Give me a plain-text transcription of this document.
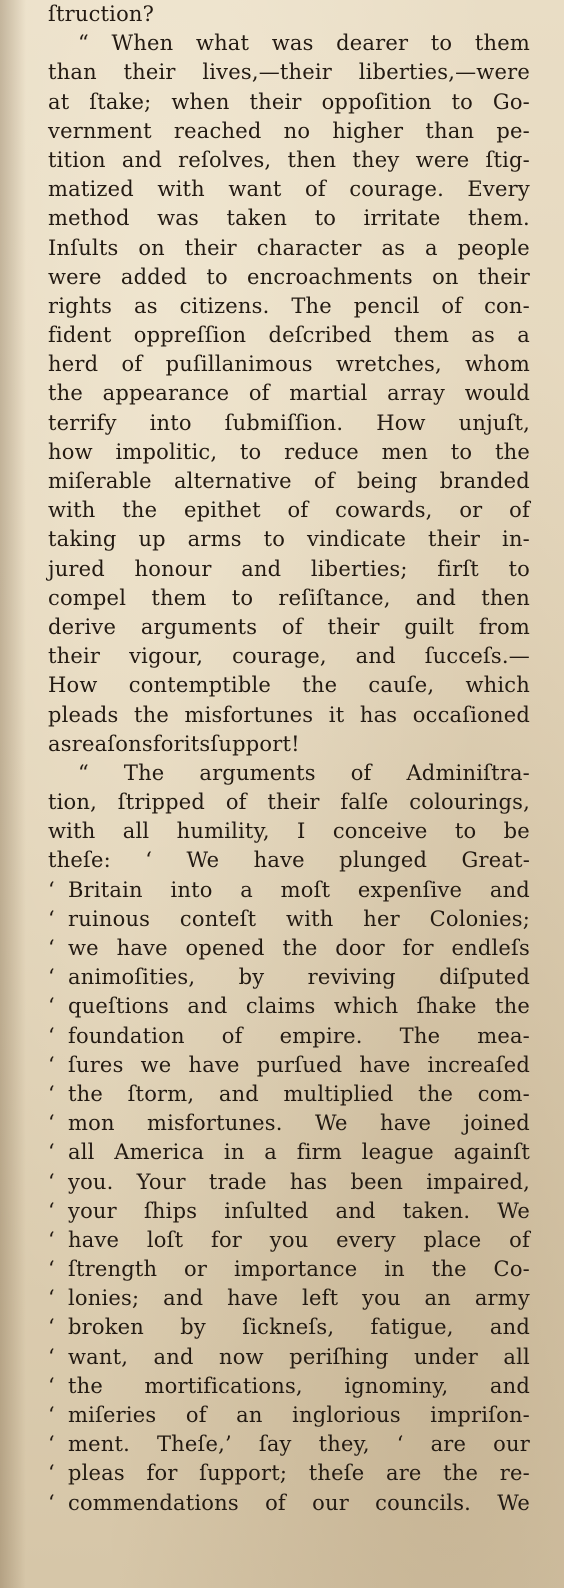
ſtruction?
“ When what was dearer to them
than their lives,—their liberties,—were
at ſtake; when their oppoſition to Go-
vernment reached no higher than pe-
tition and reſolves, then they were ſtig-
matized with want of courage. Every
method was taken to irritate them.
Inſults on their character as a people
were added to encroachments on their
rights as citizens. The pencil of con-
fident oppreſſion deſcribed them as a
herd of puſillanimous wretches, whom
the appearance of martial array would
terrify into ſubmiſſion. How unjuſt,
how impolitic, to reduce men to the
miſerable alternative of being branded
with the epithet of cowards, or of
taking up arms to vindicate their in-
jured honour and liberties; firſt to
compel them to reſiſtance, and then
derive arguments of their guilt from
their vigour, courage, and ſucceſs.—
How contemptible the cauſe, which
pleads the misfortunes it has occaſioned
as reaſons for its ſupport!
“ The arguments of Adminiſtra-
tion, ſtripped of their falſe colourings,
with all humility, I conceive to be
theſe: ‘ We have plunged Great-
‘ Britain into a moſt expenſive and
‘ ruinous conteſt with her Colonies;
‘ we have opened the door for endleſs
‘ animoſities, by reviving diſputed
‘ queſtions and claims which ſhake the
‘ foundation of empire. The mea-
‘ ſures we have purſued have increaſed
‘ the ſtorm, and multiplied the com-
‘ mon misfortunes. We have joined
‘ all America in a firm league againſt
‘ you. Your trade has been impaired,
‘ your ſhips inſulted and taken. We
‘ have loſt for you every place of
‘ ſtrength or importance in the Co-
‘ lonies; and have left you an army
‘ broken by ſickneſs, fatigue, and
‘ want, and now periſhing under all
‘ the mortifications, ignominy, and
‘ miſeries of an inglorious impriſon-
‘ ment. Theſe,’ ſay they, ‘ are our
‘ pleas for ſupport; theſe are the re-
‘ commendations of our councils. We
